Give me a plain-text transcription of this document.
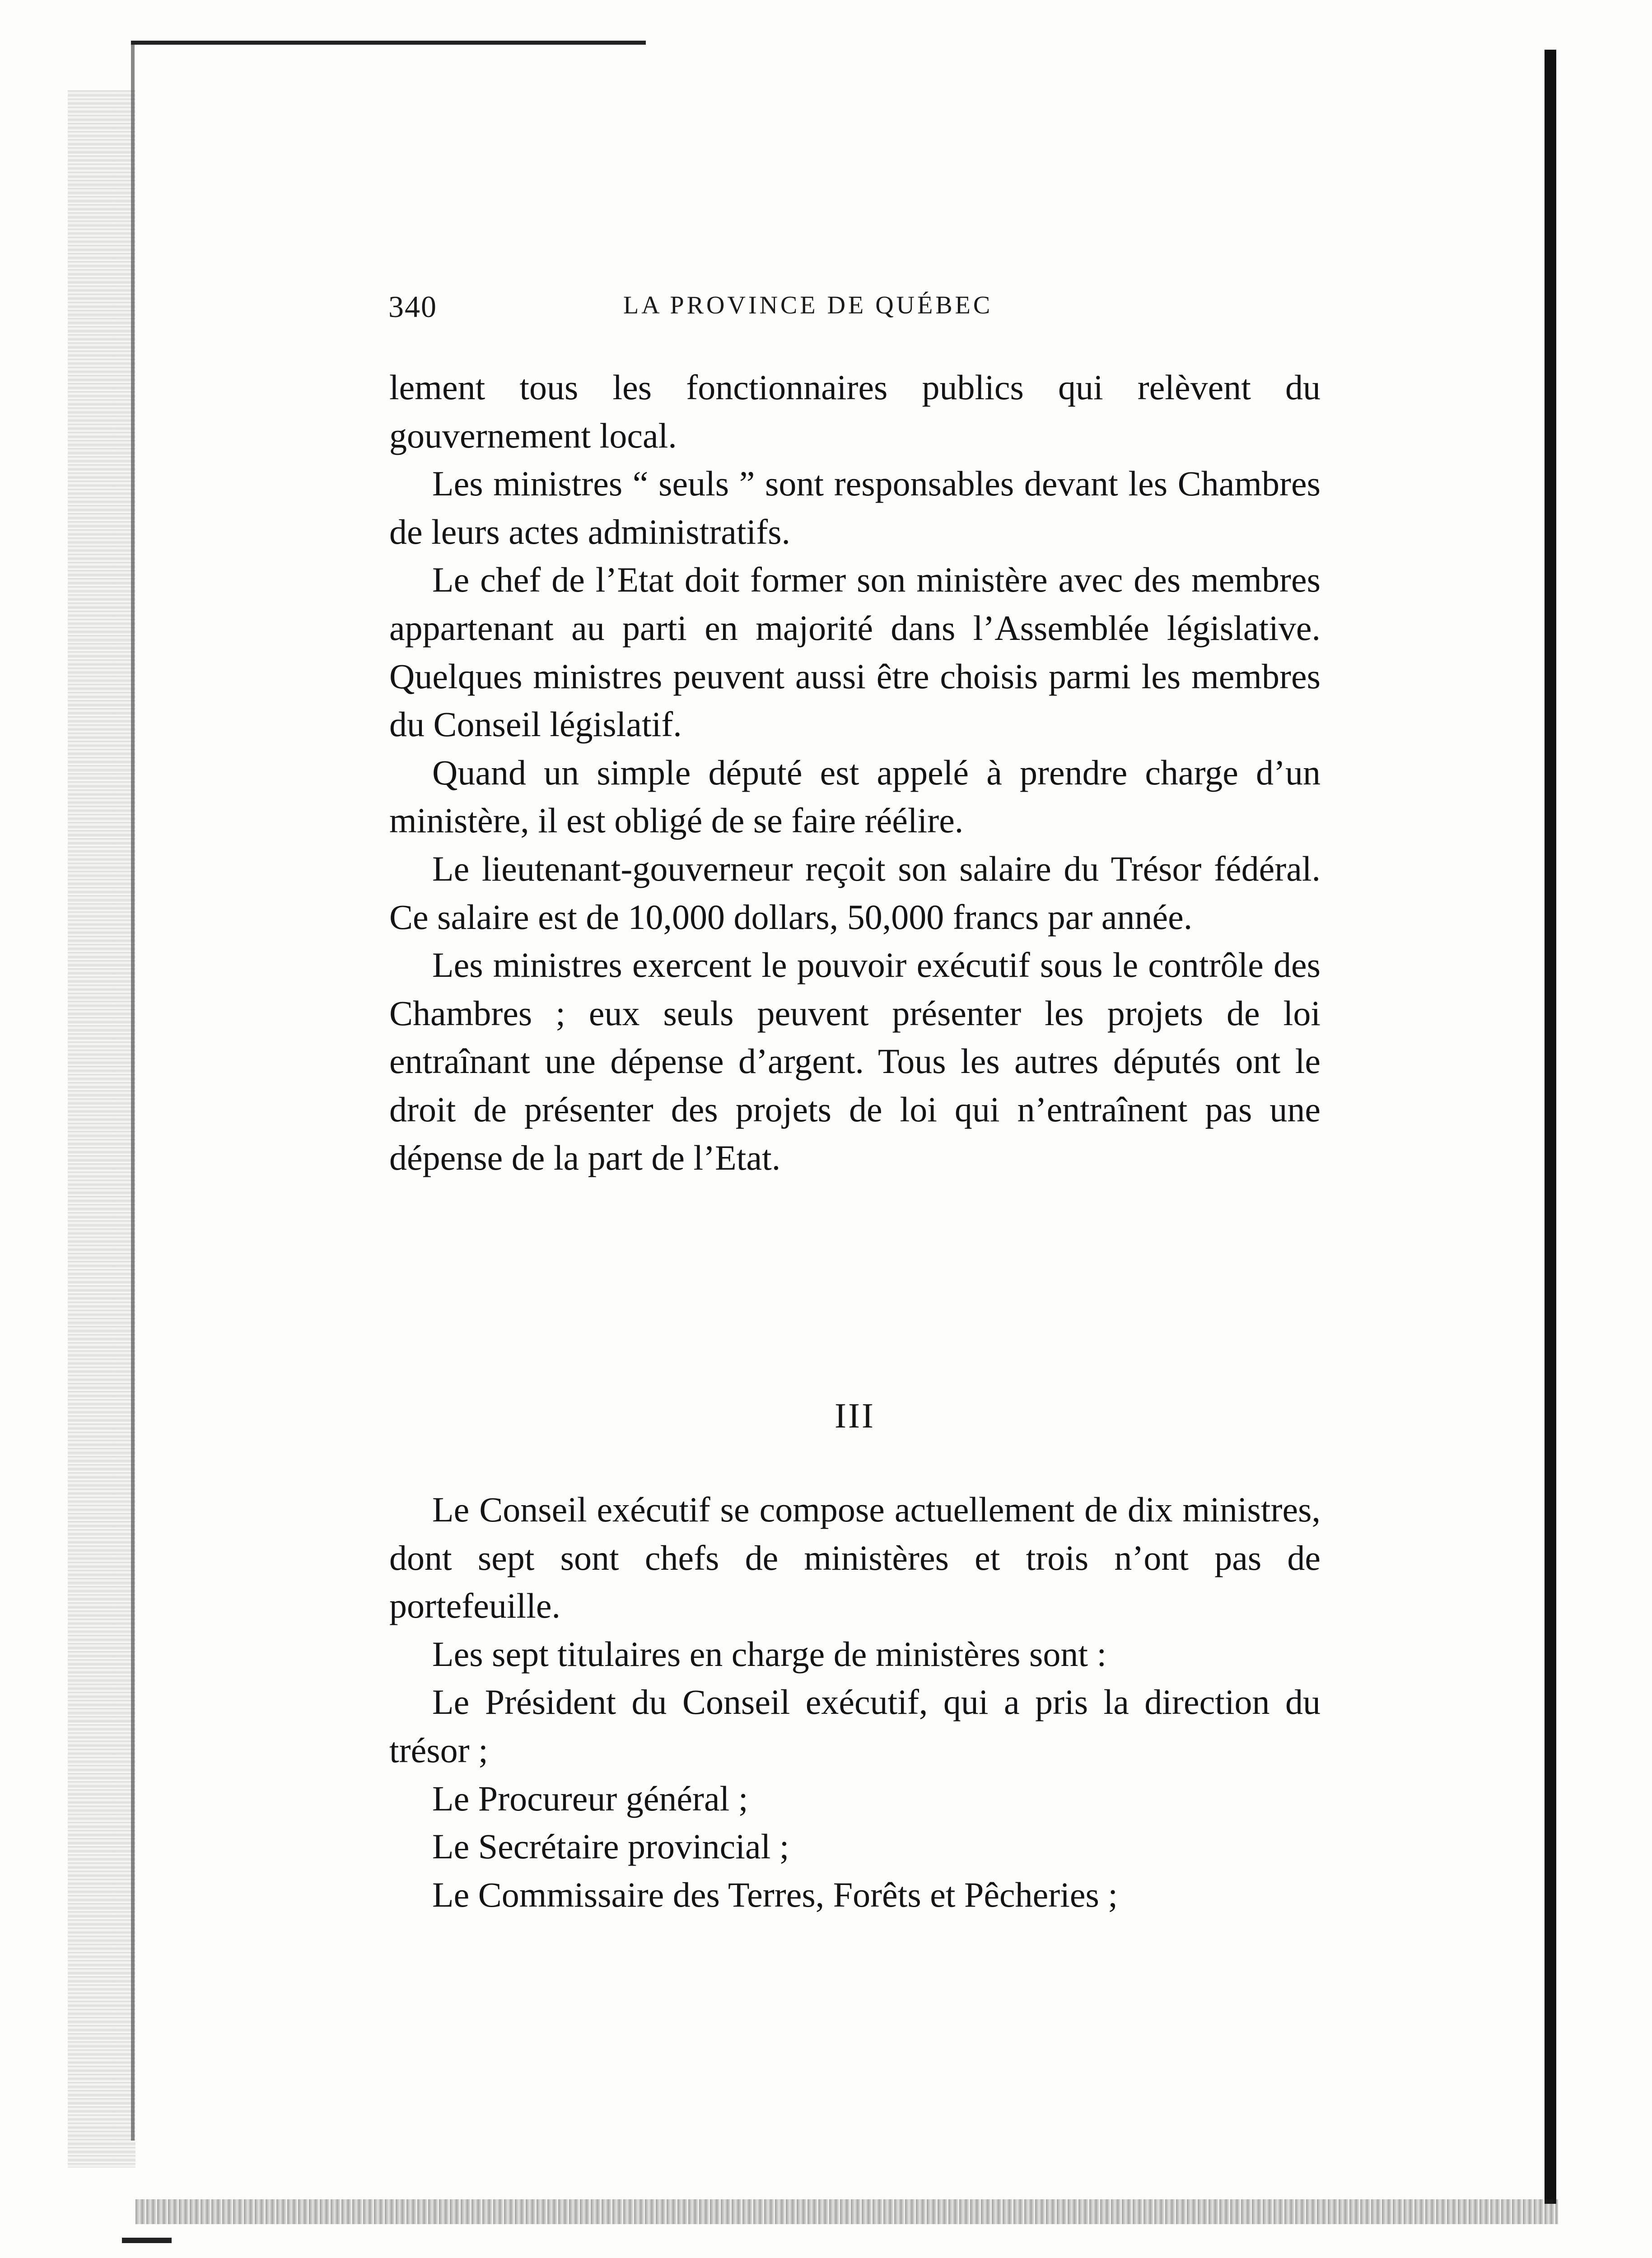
340	LA PROVINCE DE QUÉBEC

lement tous les fonctionnaires publics qui relèvent du gouvernement local.

Les ministres “ seuls ” sont responsables devant les Chambres de leurs actes administratifs.

Le chef de l’Etat doit former son ministère avec des membres appartenant au parti en majorité dans l’Assemblée législative. Quelques ministres peuvent aussi être choisis parmi les membres du Conseil législatif.

Quand un simple député est appelé à prendre charge d’un ministère, il est obligé de se faire réélire.

Le lieutenant-gouverneur reçoit son salaire du Trésor fédéral. Ce salaire est de 10,000 dollars, 50,000 francs par année.

Les ministres exercent le pouvoir exécutif sous le contrôle des Chambres ; eux seuls peuvent présenter les projets de loi entraînant une dépense d’argent. Tous les autres députés ont le droit de présenter des projets de loi qui n’entraînent pas une dépense de la part de l’Etat.

III

Le Conseil exécutif se compose actuellement de dix ministres, dont sept sont chefs de ministères et trois n’ont pas de portefeuille.

Les sept titulaires en charge de ministères sont :

Le Président du Conseil exécutif, qui a pris la direction du trésor ;

Le Procureur général ;

Le Secrétaire provincial ;

Le Commissaire des Terres, Forêts et Pêcheries ;
